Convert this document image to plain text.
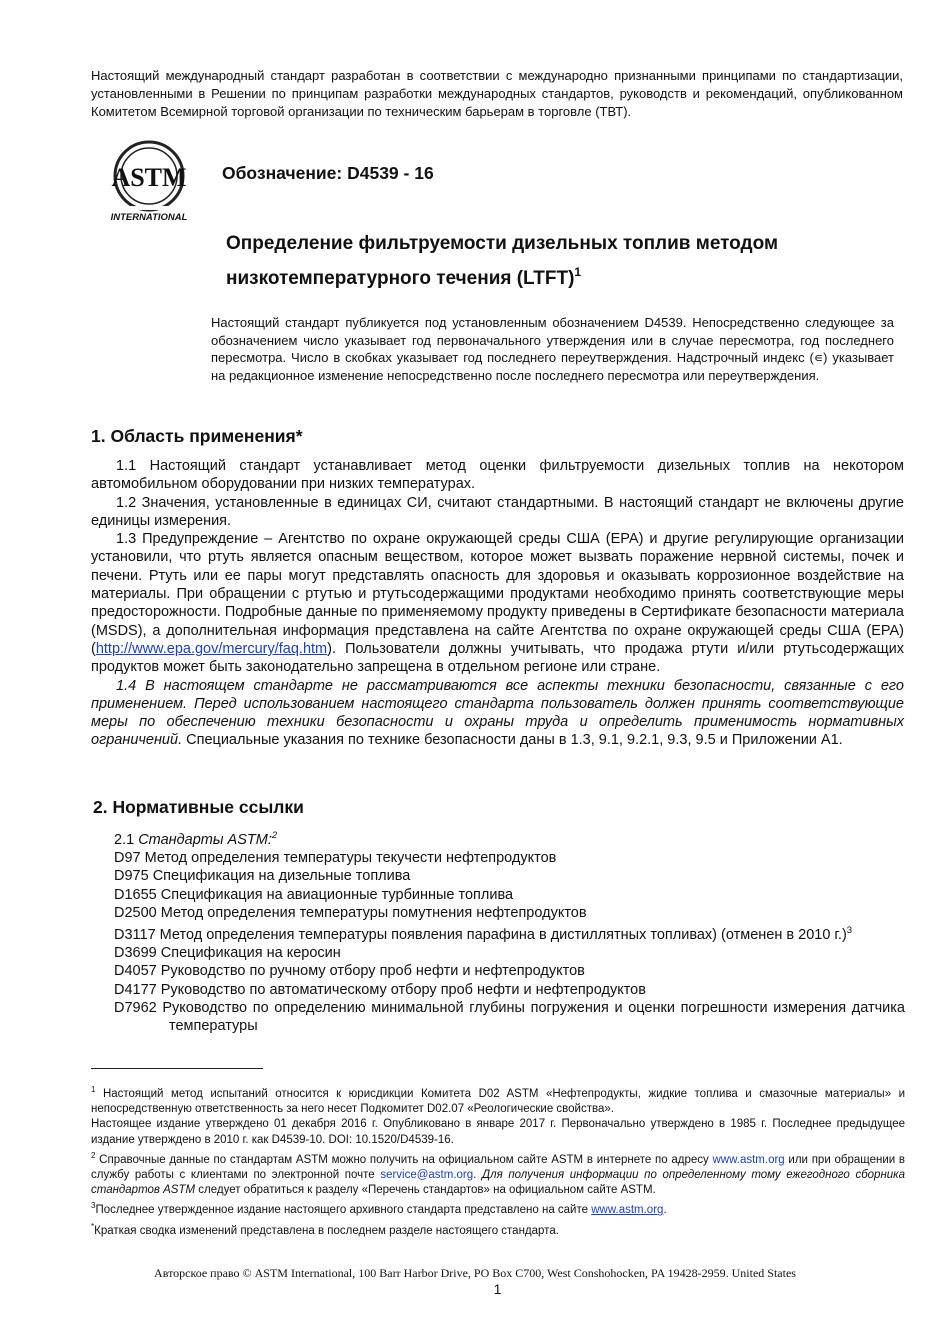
Настоящий международный стандарт разработан в соответствии с международно признанными принципами по стандартизации, установленными в Решении по принципам разработки международных стандартов, руководств и рекомендаций, опубликованном Комитетом Всемирной торговой организации по техническим барьерам в торговле (ТВТ).
ASTM
INTERNATIONAL
Обозначение: D4539 - 16
Определение фильтруемости дизельных топлив методом низкотемпературного течения (LTFT)$^1$
Настоящий стандарт публикуется под установленным обозначением D4539. Непосредственно следующее за обозначением число указывает год первоначального утверждения или в случае пересмотра, год последнего пересмотра. Число в скобках указывает год последнего переутверждения. Надстрочный индекс (∊) указывает на редакционное изменение непосредственно после последнего пересмотра или переутверждения.
1. Область применения*

1.1 Настоящий стандарт устанавливает метод оценки фильтруемости дизельных топлив на некотором автомобильном оборудовании при низких температурах.

1.2 Значения, установленные в единицах СИ, считают стандартными. В настоящий стандарт не включены другие единицы измерения.

1.3 Предупреждение – Агентство по охране окружающей среды США (EPA) и другие регулирующие организации установили, что ртуть является опасным веществом, которое может вызвать поражение нервной системы, почек и печени. Ртуть или ее пары могут представлять опасность для здоровья и оказывать коррозионное воздействие на материалы. При обращении с ртутью и ртутьсодержащими продуктами необходимо принять соответствующие меры предосторожности. Подробные данные по применяемому продукту приведены в Сертификате безопасности материала (MSDS), а дополнительная информация представлена на сайте Агентства по охране окружающей среды США (EPA) (http://www.epa.gov/mercury/faq.htm). Пользователи должны учитывать, что продажа ртути и/или ртутьсодержащих продуктов может быть законодательно запрещена в отдельном регионе или стране.

1.4 В настоящем стандарте не рассматриваются все аспекты техники безопасности, связанные с его применением. Перед использованием настоящего стандарта пользователь должен принять соответствующие меры по обеспечению техники безопасности и охраны труда и определить применимость нормативных ограничений. Специальные указания по технике безопасности даны в 1.3, 9.1, 9.2.1, 9.3, 9.5 и Приложении A1.

2. Нормативные ссылки
2.1 Стандарты ASTM:$^2$
D97 Метод определения температуры текучести нефтепродуктов
D975 Спецификация на дизельные топлива
D1655 Спецификация на авиационные турбинные топлива
D2500 Метод определения температуры помутнения нефтепродуктов
D3117 Метод определения температуры появления парафина в дистиллятных топливах) (отменен в 2010 г.)$^3$
D3699 Спецификация на керосин
D4057 Руководство по ручному отбору проб нефти и нефтепродуктов
D4177 Руководство по автоматическому отбору проб нефти и нефтепродуктов
D7962 Руководство по определению минимальной глубины погружения и оценки погрешности измерения датчика температуры

$^1$ Настоящий метод испытаний относится к юрисдикции Комитета D02 ASTM «Нефтепродукты, жидкие топлива и смазочные материалы» и непосредственную ответственность за него несет Подкомитет D02.07 «Реологические свойства».

Настоящее издание утверждено 01 декабря 2016 г. Опубликовано в январе 2017 г. Первоначально утверждено в 1985 г. Последнее предыдущее издание утверждено в 2010 г. как D4539-10. DOI: 10.1520/D4539-16.

$^2$ Справочные данные по стандартам ASTM можно получить на официальном сайте ASTM в интернете по адресу www.astm.org или при обращении в службу работы с клиентами по электронной почте service@astm.org. Для получения информации по определенному тому ежегодного сборника стандартов ASTM следует обратиться к разделу «Перечень стандартов» на официальном сайте ASTM.

$^3$Последнее утвержденное издание настоящего архивного стандарта представлено на сайте www.astm.org.

*Краткая сводка изменений представлена в последнем разделе настоящего стандарта.

Авторское право © ASTM International, 100 Barr Harbor Drive, PO Box C700, West Conshohocken, PA 19428-2959. United States
1
